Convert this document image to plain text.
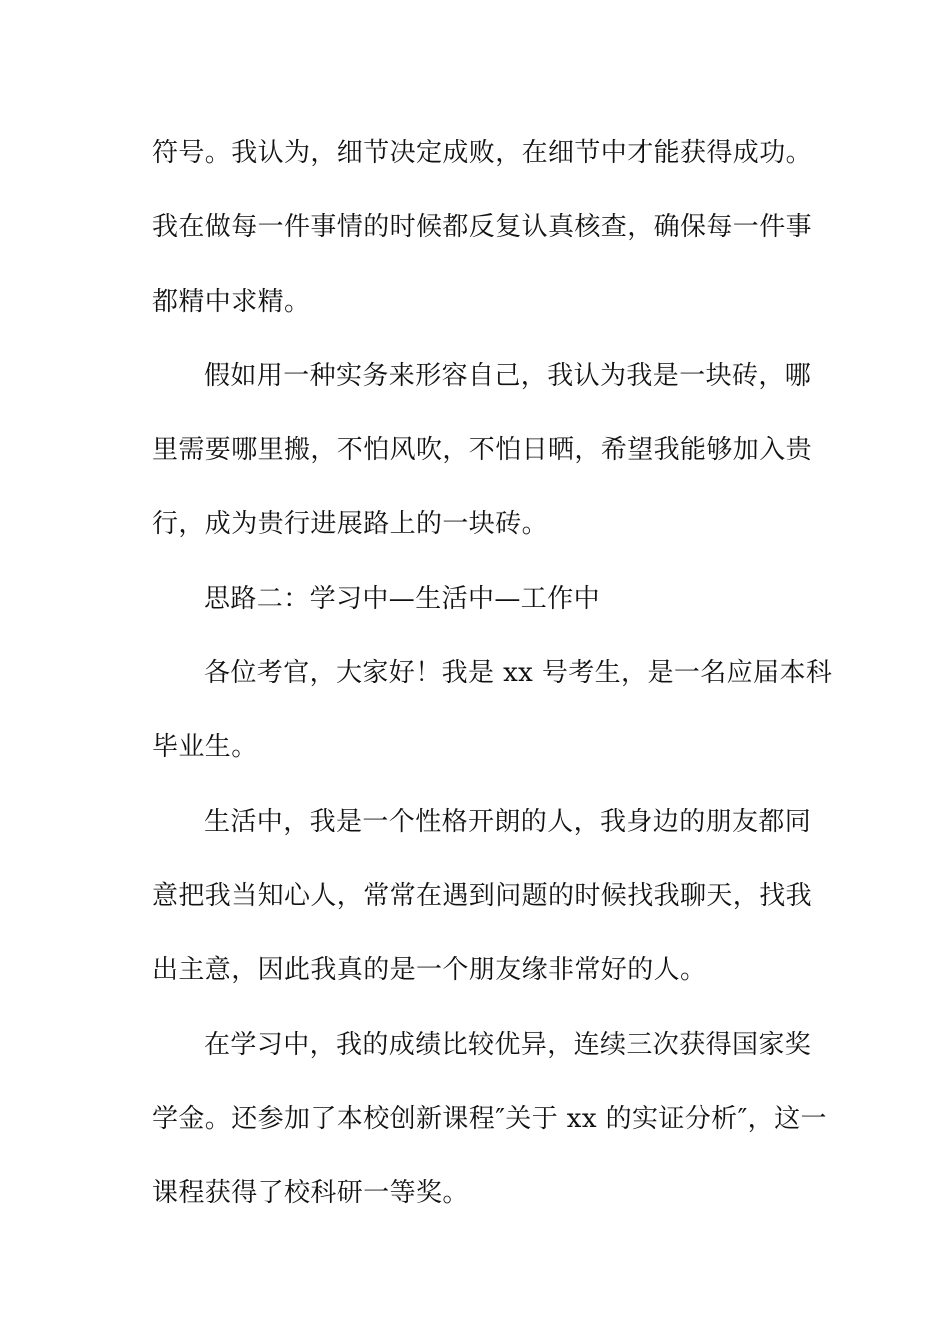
符号。我认为，细节决定成败，在细节中才能获得成功。
我在做每一件事情的时候都反复认真核查，确保每一件事
都精中求精。
假如用一种实务来形容自己，我认为我是一块砖，哪
里需要哪里搬，不怕风吹，不怕日晒，希望我能够加入贵
行，成为贵行进展路上的一块砖。
思路二：学习中—生活中—工作中
各位考官，大家好！我是 xx 号考生，是一名应届本科
毕业生。
生活中，我是一个性格开朗的人，我身边的朋友都同
意把我当知心人，常常在遇到问题的时候找我聊天，找我
出主意，因此我真的是一个朋友缘非常好的人。
在学习中，我的成绩比较优异，连续三次获得国家奖
学金。还参加了本校创新课程″关于 xx 的实证分析″，这一
课程获得了校科研一等奖。
